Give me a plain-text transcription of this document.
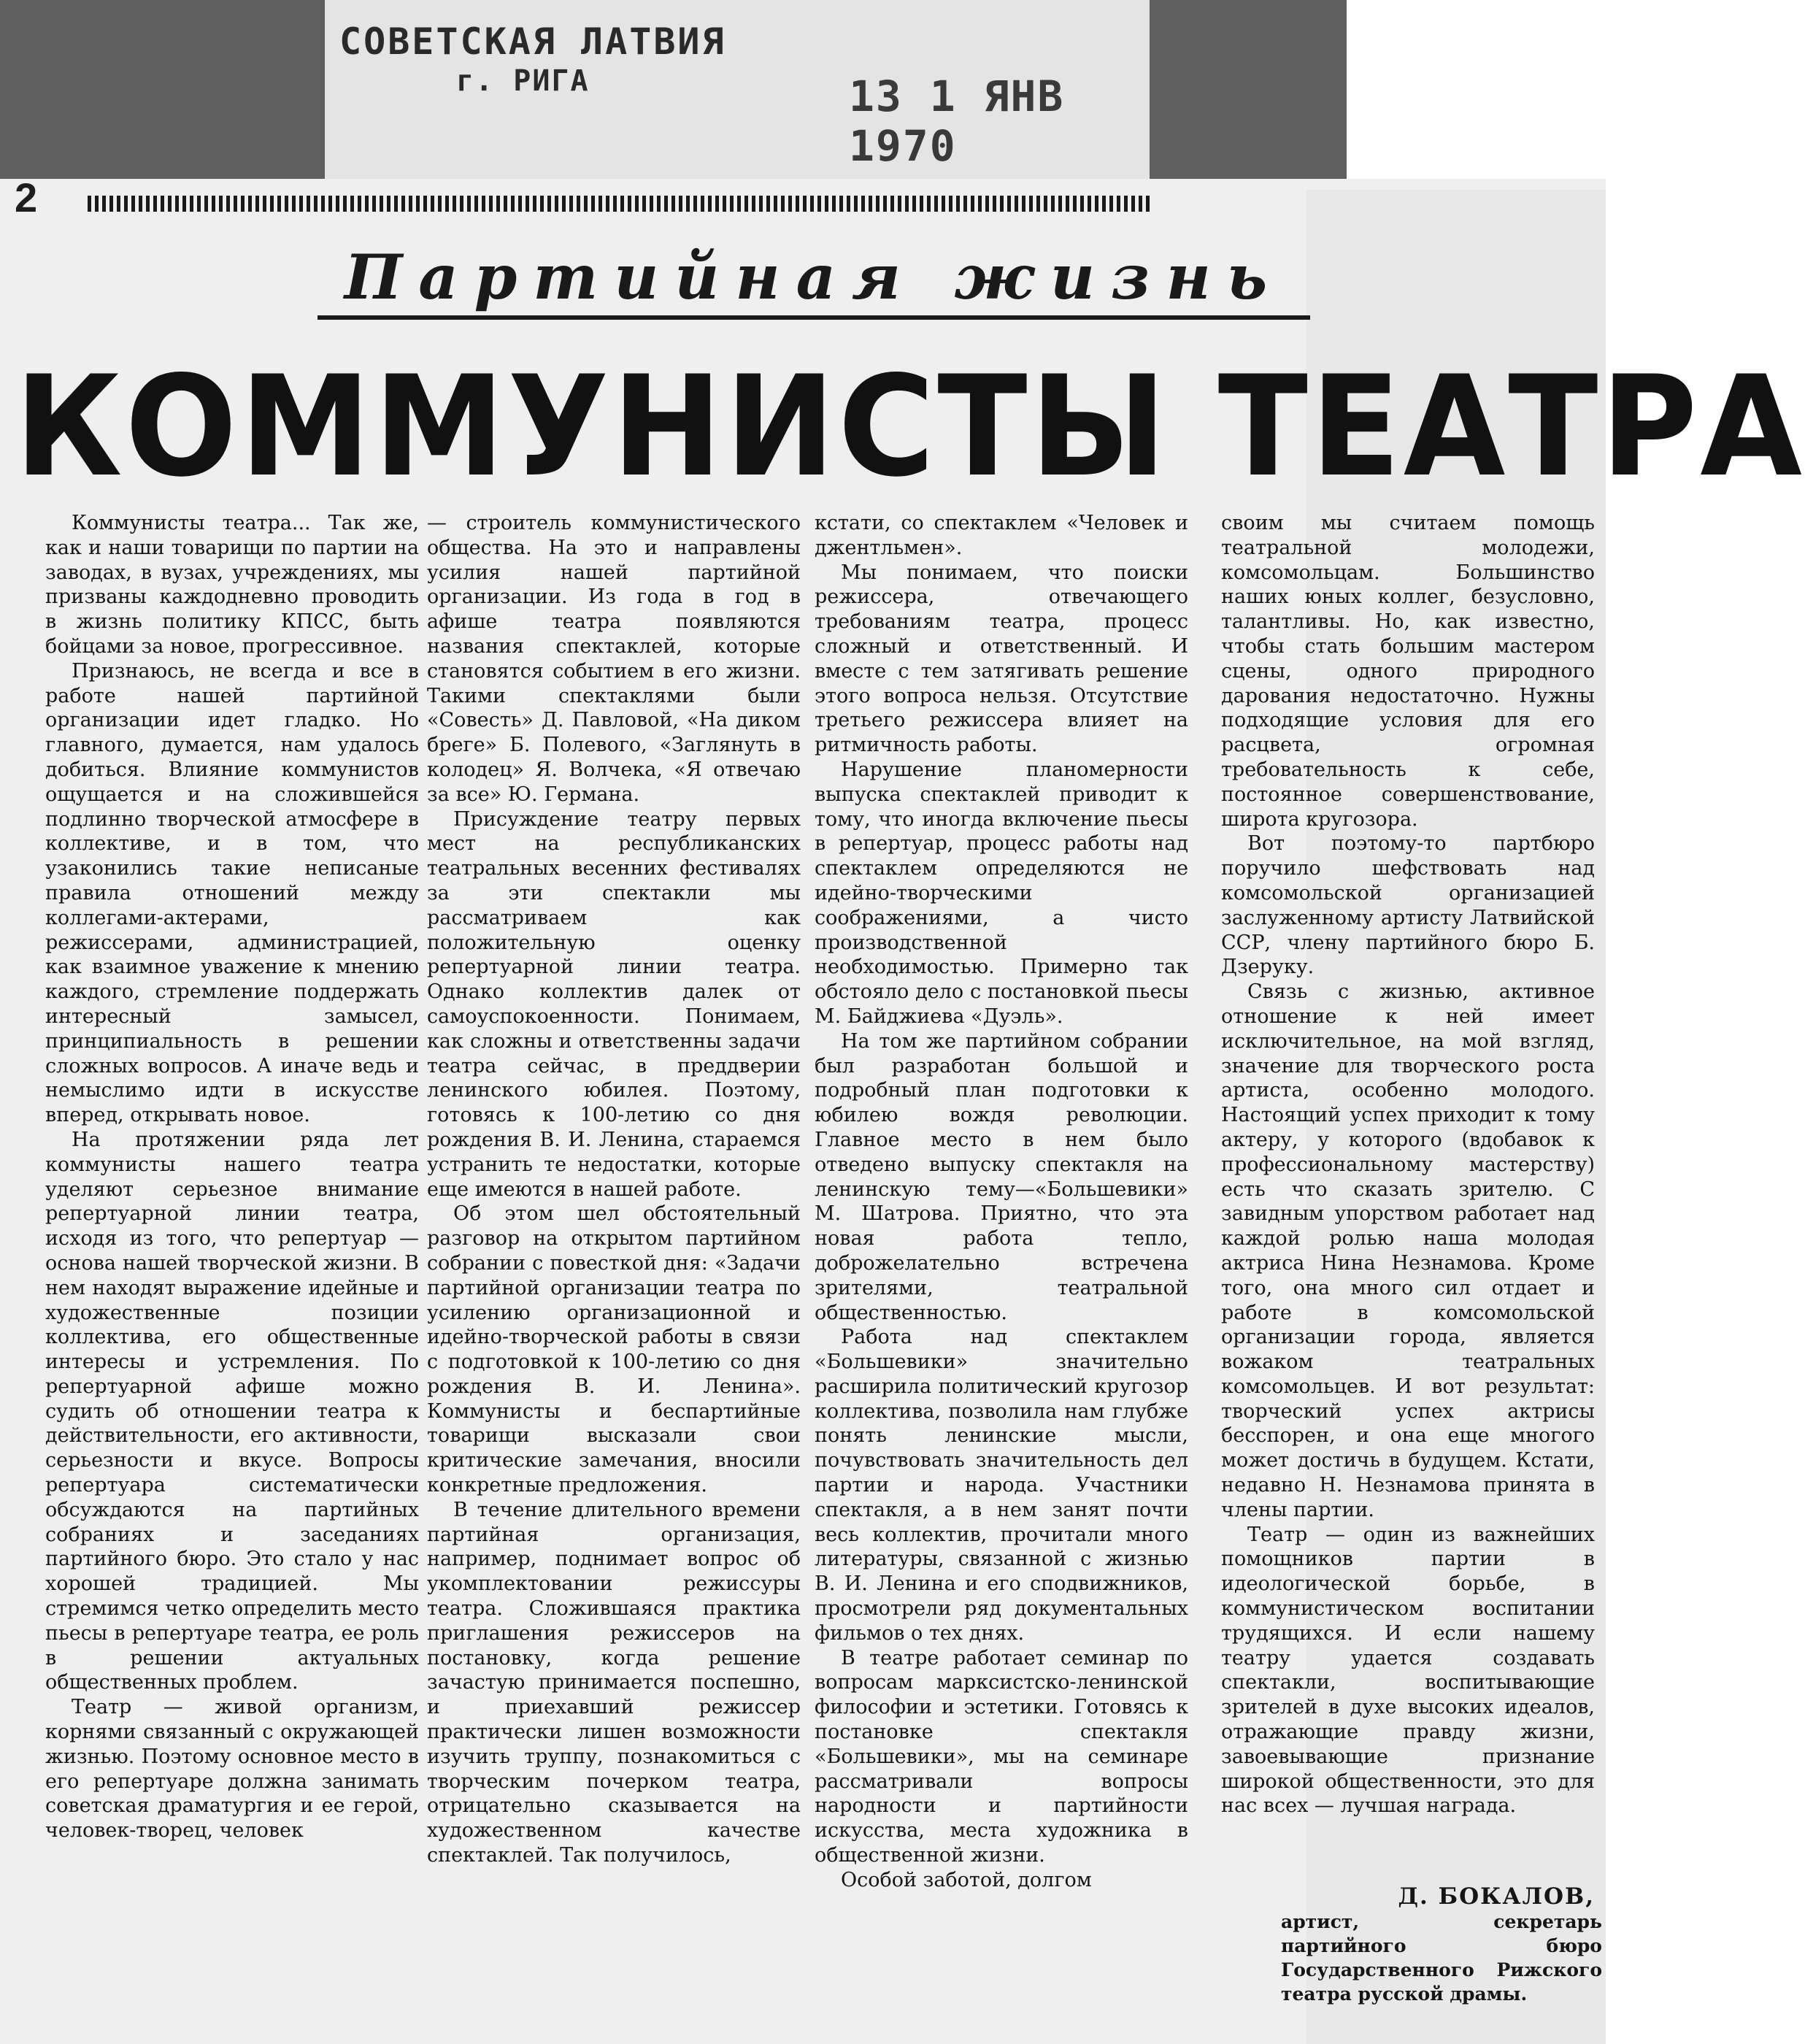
СОВЕТСКАЯ ЛАТВИЯ
г. РИГА	13 1 ЯНВ 1970
2
Партийная жизнь
КОММУНИСТЫ ТЕАТРА

Коммунисты театра... Так же, как и наши товарищи по партии на заводах, в вузах, учреждениях, мы призваны каждодневно проводить в жизнь политику КПСС, быть бойцами за новое, прогрессивное.

Признаюсь, не всегда и все в работе нашей партийной организации идет гладко. Но главного, думается, нам удалось добиться. Влияние коммунистов ощущается и на сложившейся подлинно творческой атмосфере в коллективе, и в том, что узаконились такие неписаные правила отношений между коллегами-актерами, режиссерами, администрацией, как взаимное уважение к мнению каждого, стремление поддержать интересный замысел, принципиальность в решении сложных вопросов. А иначе ведь и немыслимо идти в искусстве вперед, открывать новое.

На протяжении ряда лет коммунисты нашего театра уделяют серьезное внимание репертуарной линии театра, исходя из того, что репертуар — основа нашей творческой жизни. В нем находят выражение идейные и художественные позиции коллектива, его общественные интересы и устремления. По репертуарной афише можно судить об отношении театра к действительности, его активности, серьезности и вкусе. Вопросы репертуара систематически обсуждаются на партийных собраниях и заседаниях партийного бюро. Это стало у нас хорошей традицией. Мы стремимся четко определить место пьесы в репертуаре театра, ее роль в решении актуальных общественных проблем.

Театр — живой организм, корнями связанный с окружающей жизнью. Поэтому основное место в его репертуаре должна занимать советская драматургия и ее герой, человек-творец, человек

— строитель коммунистического общества. На это и направлены усилия нашей партийной организации. Из года в год в афише театра появляются названия спектаклей, которые становятся событием в его жизни. Такими спектаклями были «Совесть» Д. Павловой, «На диком бреге» Б. Полевого, «Заглянуть в колодец» Я. Волчека, «Я отвечаю за все» Ю. Германа.

Присуждение театру первых мест на республиканских театральных весенних фестивалях за эти спектакли мы рассматриваем как положительную оценку репертуарной линии театра. Однако коллектив далек от самоуспокоенности. Понимаем, как сложны и ответственны задачи театра сейчас, в преддверии ленинского юбилея. Поэтому, готовясь к 100-летию со дня рождения В. И. Ленина, стараемся устранить те недостатки, которые еще имеются в нашей работе.

Об этом шел обстоятельный разговор на открытом партийном собрании с повесткой дня: «Задачи партийной организации театра по усилению организационной и идейно-творческой работы в связи с подготовкой к 100-летию со дня рождения В. И. Ленина». Коммунисты и беспартийные товарищи высказали свои критические замечания, вносили конкретные предложения.

В течение длительного времени партийная организация, например, поднимает вопрос об укомплектовании режиссуры театра. Сложившаяся практика приглашения режиссеров на постановку, когда решение зачастую принимается поспешно, и приехавший режиссер практически лишен возможности изучить труппу, познакомиться с творческим почерком театра, отрицательно сказывается на художественном качестве спектаклей. Так получилось,

кстати, со спектаклем «Человек и джентльмен».

Мы понимаем, что поиски режиссера, отвечающего требованиям театра, процесс сложный и ответственный. И вместе с тем затягивать решение этого вопроса нельзя. Отсутствие третьего режиссера влияет на ритмичность работы.

Нарушение планомерности выпуска спектаклей приводит к тому, что иногда включение пьесы в репертуар, процесс работы над спектаклем определяются не идейно-творческими соображениями, а чисто производственной необходимостью. Примерно так обстояло дело с постановкой пьесы М. Байджиева «Дуэль».

На том же партийном собрании был разработан большой и подробный план подготовки к юбилею вождя революции. Главное место в нем было отведено выпуску спектакля на ленинскую тему—«Большевики» М. Шатрова. Приятно, что эта новая работа тепло, доброжелательно встречена зрителями, театральной общественностью.

Работа над спектаклем «Большевики» значительно расширила политический кругозор коллектива, позволила нам глубже понять ленинские мысли, почувствовать значительность дел партии и народа. Участники спектакля, а в нем занят почти весь коллектив, прочитали много литературы, связанной с жизнью В. И. Ленина и его сподвижников, просмотрели ряд документальных фильмов о тех днях.

В театре работает семинар по вопросам марксистско-ленинской философии и эстетики. Готовясь к постановке спектакля «Большевики», мы на семинаре рассматривали вопросы народности и партийности искусства, места художника в общественной жизни.

Особой заботой, долгом

своим мы считаем помощь театральной молодежи, комсомольцам. Большинство наших юных коллег, безусловно, талантливы. Но, как известно, чтобы стать большим мастером сцены, одного природного дарования недостаточно. Нужны подходящие условия для его расцвета, огромная требовательность к себе, постоянное совершенствование, широта кругозора.

Вот поэтому-то партбюро поручило шефствовать над комсомольской организацией заслуженному артисту Латвийской ССР, члену партийного бюро Б. Дзеруку.

Связь с жизнью, активное отношение к ней имеет исключительное, на мой взгляд, значение для творческого роста артиста, особенно молодого. Настоящий успех приходит к тому актеру, у которого (вдобавок к профессиональному мастерству) есть что сказать зрителю. С завидным упорством работает над каждой ролью наша молодая актриса Нина Незнамова. Кроме того, она много сил отдает и работе в комсомольской организации города, является вожаком театральных комсомольцев. И вот результат: творческий успех актрисы бесспорен, и она еще многого может достичь в будущем. Кстати, недавно Н. Незнамова принята в члены партии.

Театр — один из важнейших помощников партии в идеологической борьбе, в коммунистическом воспитании трудящихся. И если нашему театру удается создавать спектакли, воспитывающие зрителей в духе высоких идеалов, отражающие правду жизни, завоевывающие признание широкой общественности, это для нас всех — лучшая награда.

Д. БОКАЛОВ,
артист, секретарь партийного бюро Государственного Рижского театра русской драмы.
